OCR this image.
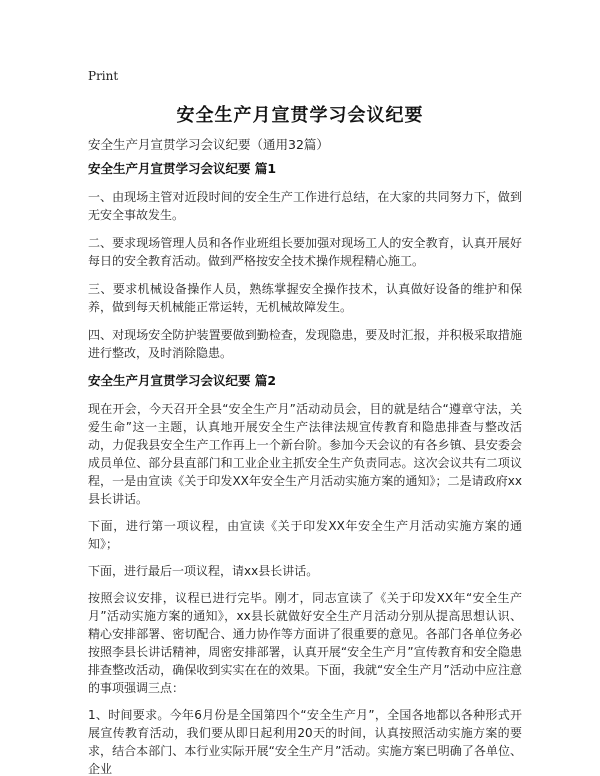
Print
安全生产月宣贯学习会议纪要
安全生产月宣贯学习会议纪要（通用32篇）
安全生产月宣贯学习会议纪要 篇1

一、由现场主管对近段时间的安全生产工作进行总结，在大家的共同努力下，做到无安全事故发生。

二、要求现场管理人员和各作业班组长要加强对现场工人的安全教育，认真开展好每日的安全教育活动。做到严格按安全技术操作规程精心施工。

三、要求机械设备操作人员，熟练掌握安全操作技术，认真做好设备的维护和保养，做到每天机械能正常运转，无机械故障发生。

四、对现场安全防护装置要做到勤检查，发现隐患，要及时汇报，并积极采取措施进行整改，及时消除隐患。

安全生产月宣贯学习会议纪要 篇2

现在开会，今天召开全县“安全生产月”活动动员会，目的就是结合“遵章守法，关爱生命”这一主题，认真地开展安全生产法律法规宣传教育和隐患排查与整改活动，力促我县安全生产工作再上一个新台阶。参加今天会议的有各乡镇、县安委会成员单位、部分县直部门和工业企业主抓安全生产负责同志。这次会议共有二项议程，一是由宣读《关于印发XX年安全生产月活动实施方案的通知》；二是请政府xx县长讲话。

下面，进行第一项议程，由宣读《关于印发XX年安全生产月活动实施方案的通知》；

下面，进行最后一项议程，请xx县长讲话。

按照会议安排，议程已进行完毕。刚才，同志宣读了《关于印发XX年“安全生产月”活动实施方案的通知》，xx县长就做好安全生产月活动分别从提高思想认识、精心安排部署、密切配合、通力协作等方面讲了很重要的意见。各部门各单位务必按照李县长讲话精神，周密安排部署，认真开展“安全生产月”宣传教育和安全隐患排查整改活动，确保收到实实在在的效果。下面，我就“安全生产月”活动中应注意的事项强调三点：

1、时间要求。今年6月份是全国第四个“安全生产月”，全国各地都以各种形式开展宣传教育活动，我们要从即日起利用20天的时间，认真按照活动实施方案的要求，结合本部门、本行业实际开展“安全生产月”活动。实施方案已明确了各单位、企业
